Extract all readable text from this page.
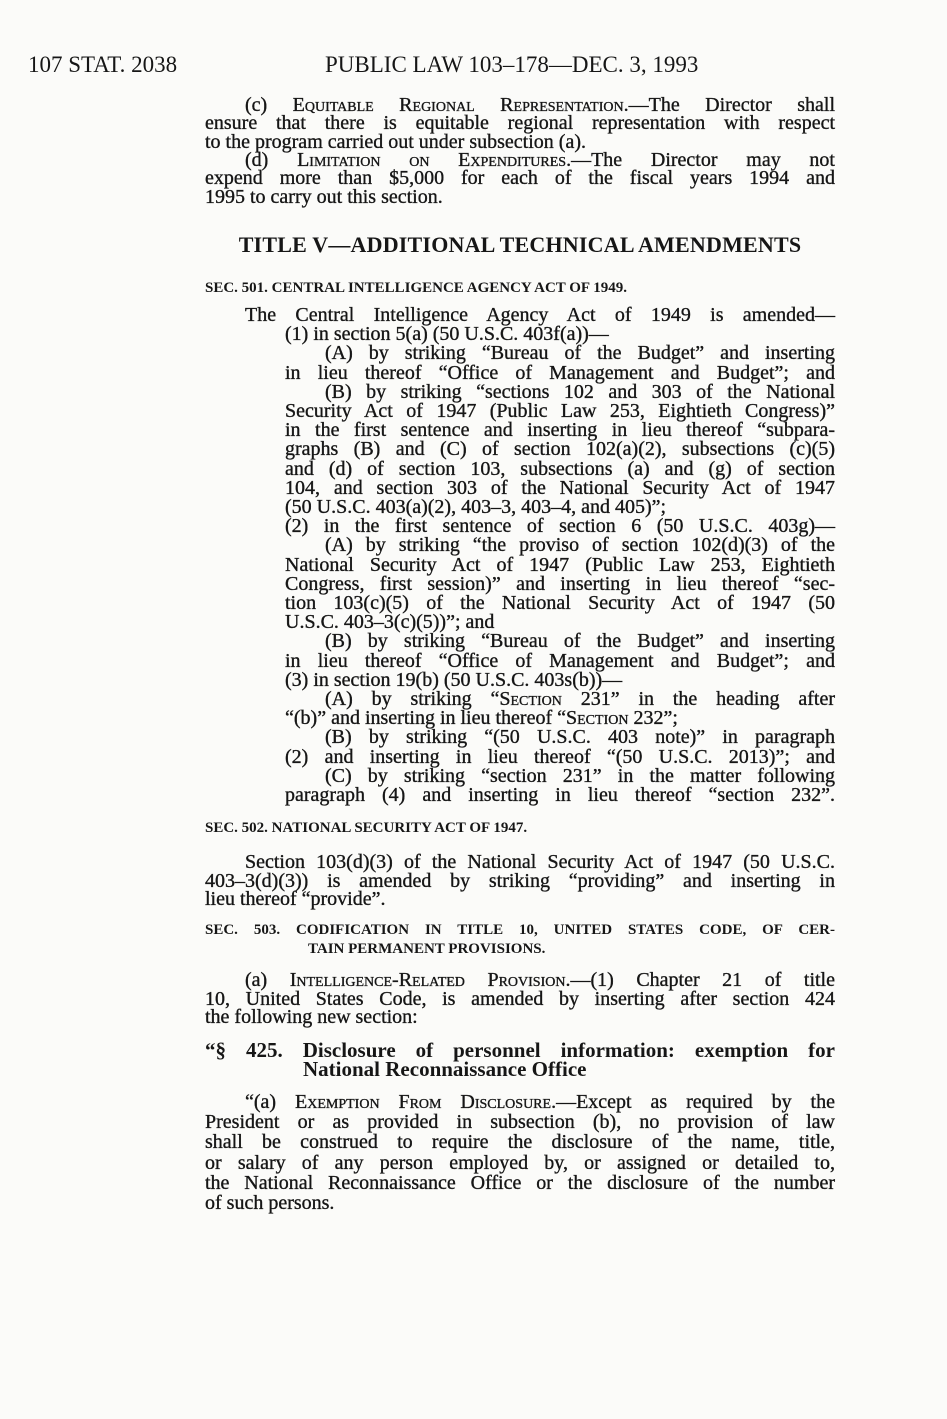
107 STAT. 2038	PUBLIC LAW 103–178—DEC. 3, 1993
TITLE V—ADDITIONAL TECHNICAL AMENDMENTS
(c) Equitable Regional Representation.—The Director shall
ensure that there is equitable regional representation with respect
to the program carried out under subsection (a).
(d) Limitation on Expenditures.—The Director may not
expend more than $5,000 for each of the fiscal years 1994 and
1995 to carry out this section.
SEC. 501. CENTRAL INTELLIGENCE AGENCY ACT OF 1949.
The Central Intelligence Agency Act of 1949 is amended—
(1) in section 5(a) (50 U.S.C. 403f(a))—
(A) by striking “Bureau of the Budget” and inserting
in lieu thereof “Office of Management and Budget”; and
(B) by striking “sections 102 and 303 of the National
Security Act of 1947 (Public Law 253, Eightieth Congress)”
in the first sentence and inserting in lieu thereof “subpara-
graphs (B) and (C) of section 102(a)(2), subsections (c)(5)
and (d) of section 103, subsections (a) and (g) of section
104, and section 303 of the National Security Act of 1947
(50 U.S.C. 403(a)(2), 403–3, 403–4, and 405)”;
(2) in the first sentence of section 6 (50 U.S.C. 403g)—
(A) by striking “the proviso of section 102(d)(3) of the
National Security Act of 1947 (Public Law 253, Eightieth
Congress, first session)” and inserting in lieu thereof “sec-
tion 103(c)(5) of the National Security Act of 1947 (50
U.S.C. 403–3(c)(5))”; and
(B) by striking “Bureau of the Budget” and inserting
in lieu thereof “Office of Management and Budget”; and
(3) in section 19(b) (50 U.S.C. 403s(b))—
(A) by striking “Section 231” in the heading after
“(b)” and inserting in lieu thereof “Section 232”;
(B) by striking “(50 U.S.C. 403 note)” in paragraph
(2) and inserting in lieu thereof “(50 U.S.C. 2013)”; and
(C) by striking “section 231” in the matter following
paragraph (4) and inserting in lieu thereof “section 232”.
SEC. 502. NATIONAL SECURITY ACT OF 1947.
Section 103(d)(3) of the National Security Act of 1947 (50 U.S.C.
403–3(d)(3)) is amended by striking “providing” and inserting in
lieu thereof “provide”.
SEC. 503. CODIFICATION IN TITLE 10, UNITED STATES CODE, OF CER-
TAIN PERMANENT PROVISIONS.
(a) Intelligence-Related Provision.—(1) Chapter 21 of title
10, United States Code, is amended by inserting after section 424
the following new section:
“§ 425. Disclosure of personnel information: exemption for
National Reconnaissance Office
“(a) Exemption From Disclosure.—Except as required by the
President or as provided in subsection (b), no provision of law
shall be construed to require the disclosure of the name, title,
or salary of any person employed by, or assigned or detailed to,
the National Reconnaissance Office or the disclosure of the number
of such persons.
